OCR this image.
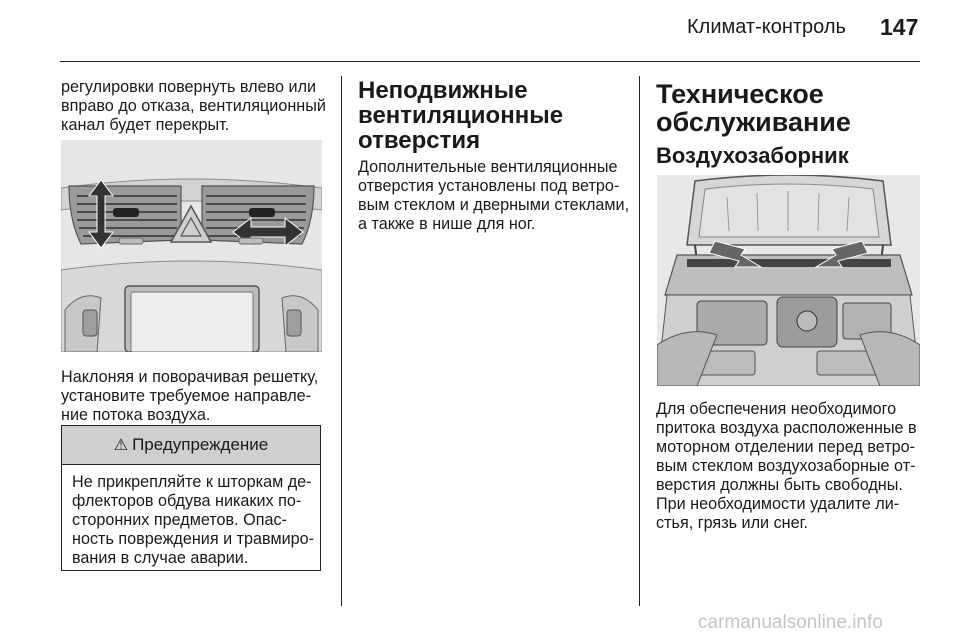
Климат-контроль 147
регулировки повернуть влево или
вправо до отказа, вентиляционный
канал будет перекрыт.
Наклоняя и поворачивая решетку,
установите требуемое направле-
ние потока воздуха.
⚠ Предупреждение
Не прикрепляйте к шторкам де-
флекторов обдува никаких по-
сторонних предметов. Опас-
ность повреждения и травмиро-
вания в случае аварии.
Неподвижные
вентиляционные
отверстия
Дополнительные вентиляционные
отверстия установлены под ветро-
вым стеклом и дверными стеклами,
а также в нише для ног.
Техническое
обслуживание
Воздухозаборник
Для обеспечения необходимого
притока воздуха расположенные в
моторном отделении перед ветро-
вым стеклом воздухозаборные от-
верстия должны быть свободны.
При необходимости удалите ли-
стья, грязь или снег.
carmanualsonline.info
